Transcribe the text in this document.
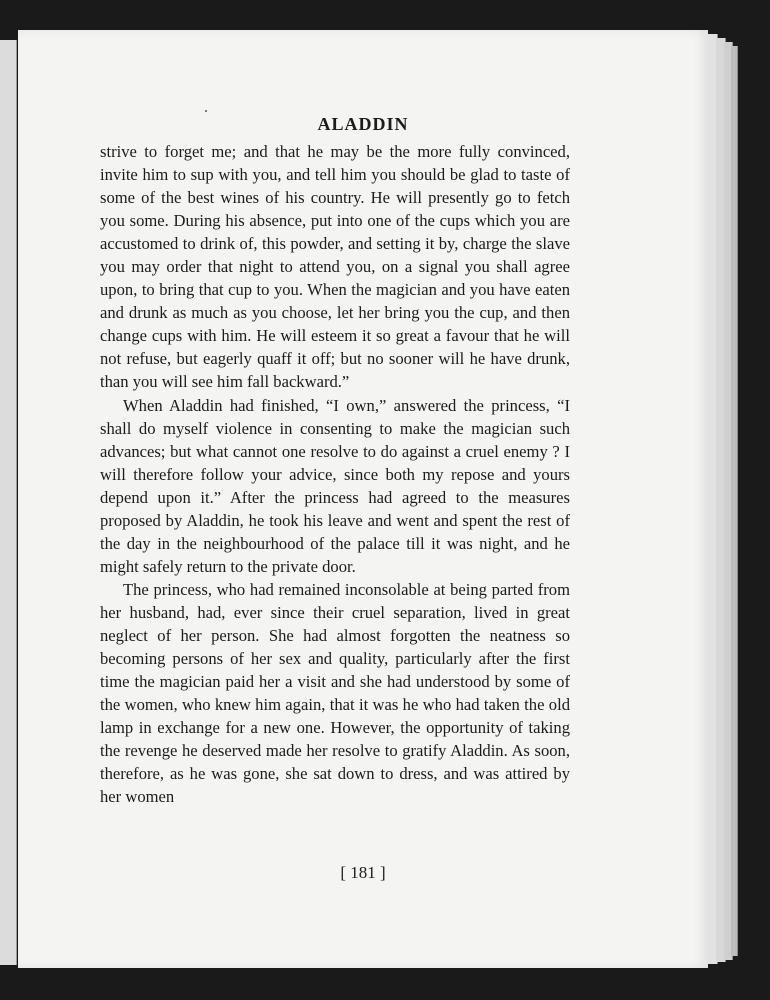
ALADDIN

strive to forget me; and that he may be the more fully convinced, invite him to sup with you, and tell him you should be glad to taste of some of the best wines of his country. He will presently go to fetch you some. During his absence, put into one of the cups which you are accustomed to drink of, this powder, and setting it by, charge the slave you may order that night to attend you, on a signal you shall agree upon, to bring that cup to you. When the magician and you have eaten and drunk as much as you choose, let her bring you the cup, and then change cups with him. He will esteem it so great a favour that he will not refuse, but eagerly quaff it off; but no sooner will he have drunk, than you will see him fall backward.”

When Aladdin had finished, “I own,” answered the princess, “I shall do myself violence in consenting to make the magician such advances; but what cannot one resolve to do against a cruel enemy ? I will therefore follow your advice, since both my repose and yours depend upon it.” After the princess had agreed to the measures proposed by Aladdin, he took his leave and went and spent the rest of the day in the neighbourhood of the palace till it was night, and he might safely return to the private door.

The princess, who had remained inconsolable at being parted from her husband, had, ever since their cruel separation, lived in great neglect of her person. She had almost forgotten the neatness so becoming persons of her sex and quality, particularly after the first time the magician paid her a visit and she had understood by some of the women, who knew him again, that it was he who had taken the old lamp in exchange for a new one. However, the opportunity of taking the revenge he deserved made her resolve to gratify Aladdin. As soon, therefore, as he was gone, she sat down to dress, and was attired by her women

[ 181 ]
